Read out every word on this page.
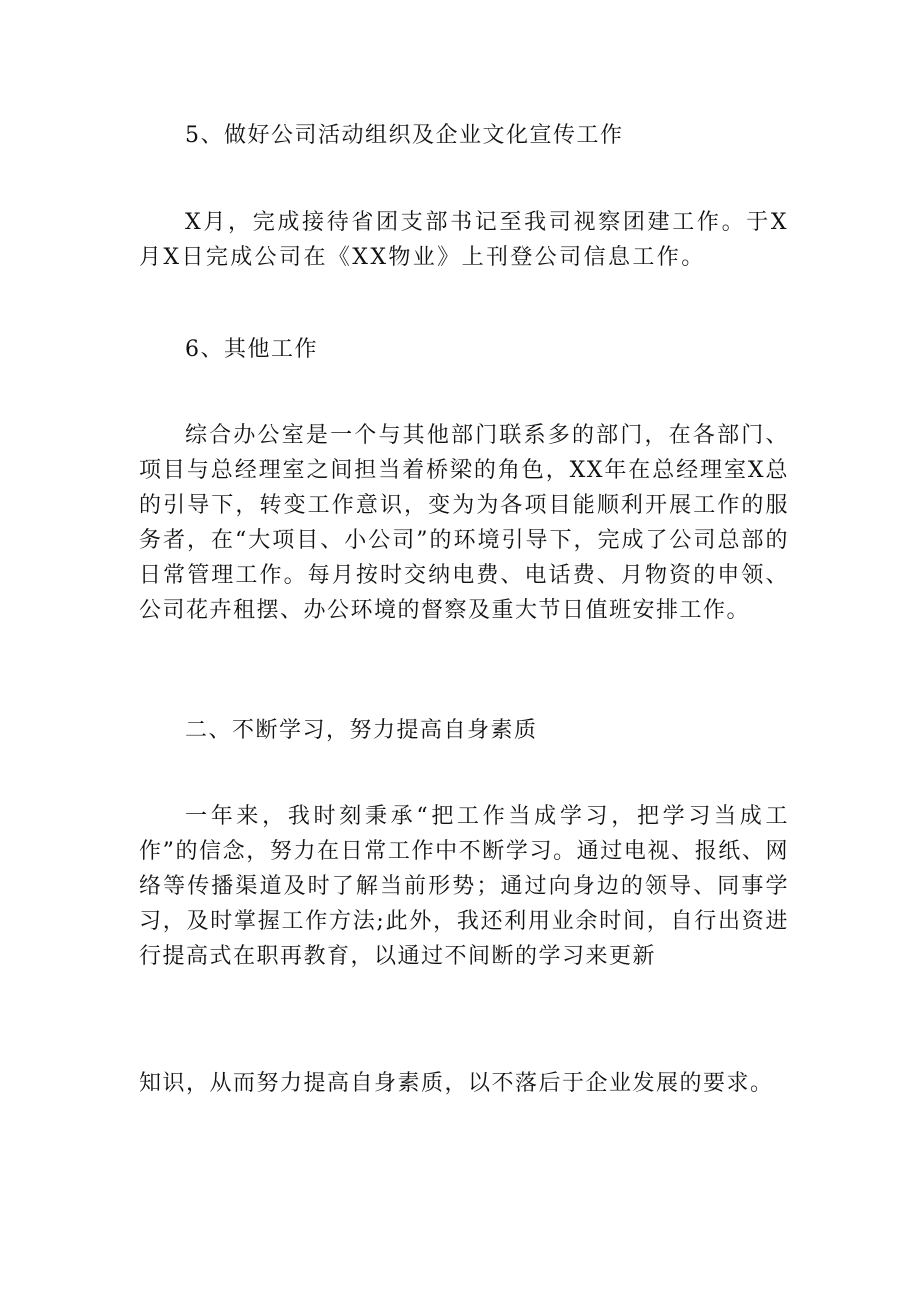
5、做好公司活动组织及企业文化宣传工作

X月，完成接待省团支部书记至我司视察团建工作。于X月X日完成公司在《XX物业》上刊登公司信息工作。

6、其他工作

综合办公室是一个与其他部门联系多的部门，在各部门、项目与总经理室之间担当着桥梁的角色，XX年在总经理室X总的引导下，转变工作意识，变为为各项目能顺利开展工作的服务者，在“大项目、小公司”的环境引导下，完成了公司总部的日常管理工作。每月按时交纳电费、电话费、月物资的申领、公司花卉租摆、办公环境的督察及重大节日值班安排工作。

二、不断学习，努力提高自身素质

一年来，我时刻秉承“把工作当成学习，把学习当成工作”的信念，努力在日常工作中不断学习。通过电视、报纸、网络等传播渠道及时了解当前形势；通过向身边的领导、同事学习，及时掌握工作方法;此外，我还利用业余时间，自行出资进行提高式在职再教育，以通过不间断的学习来更新

知识，从而努力提高自身素质，以不落后于企业发展的要求。
